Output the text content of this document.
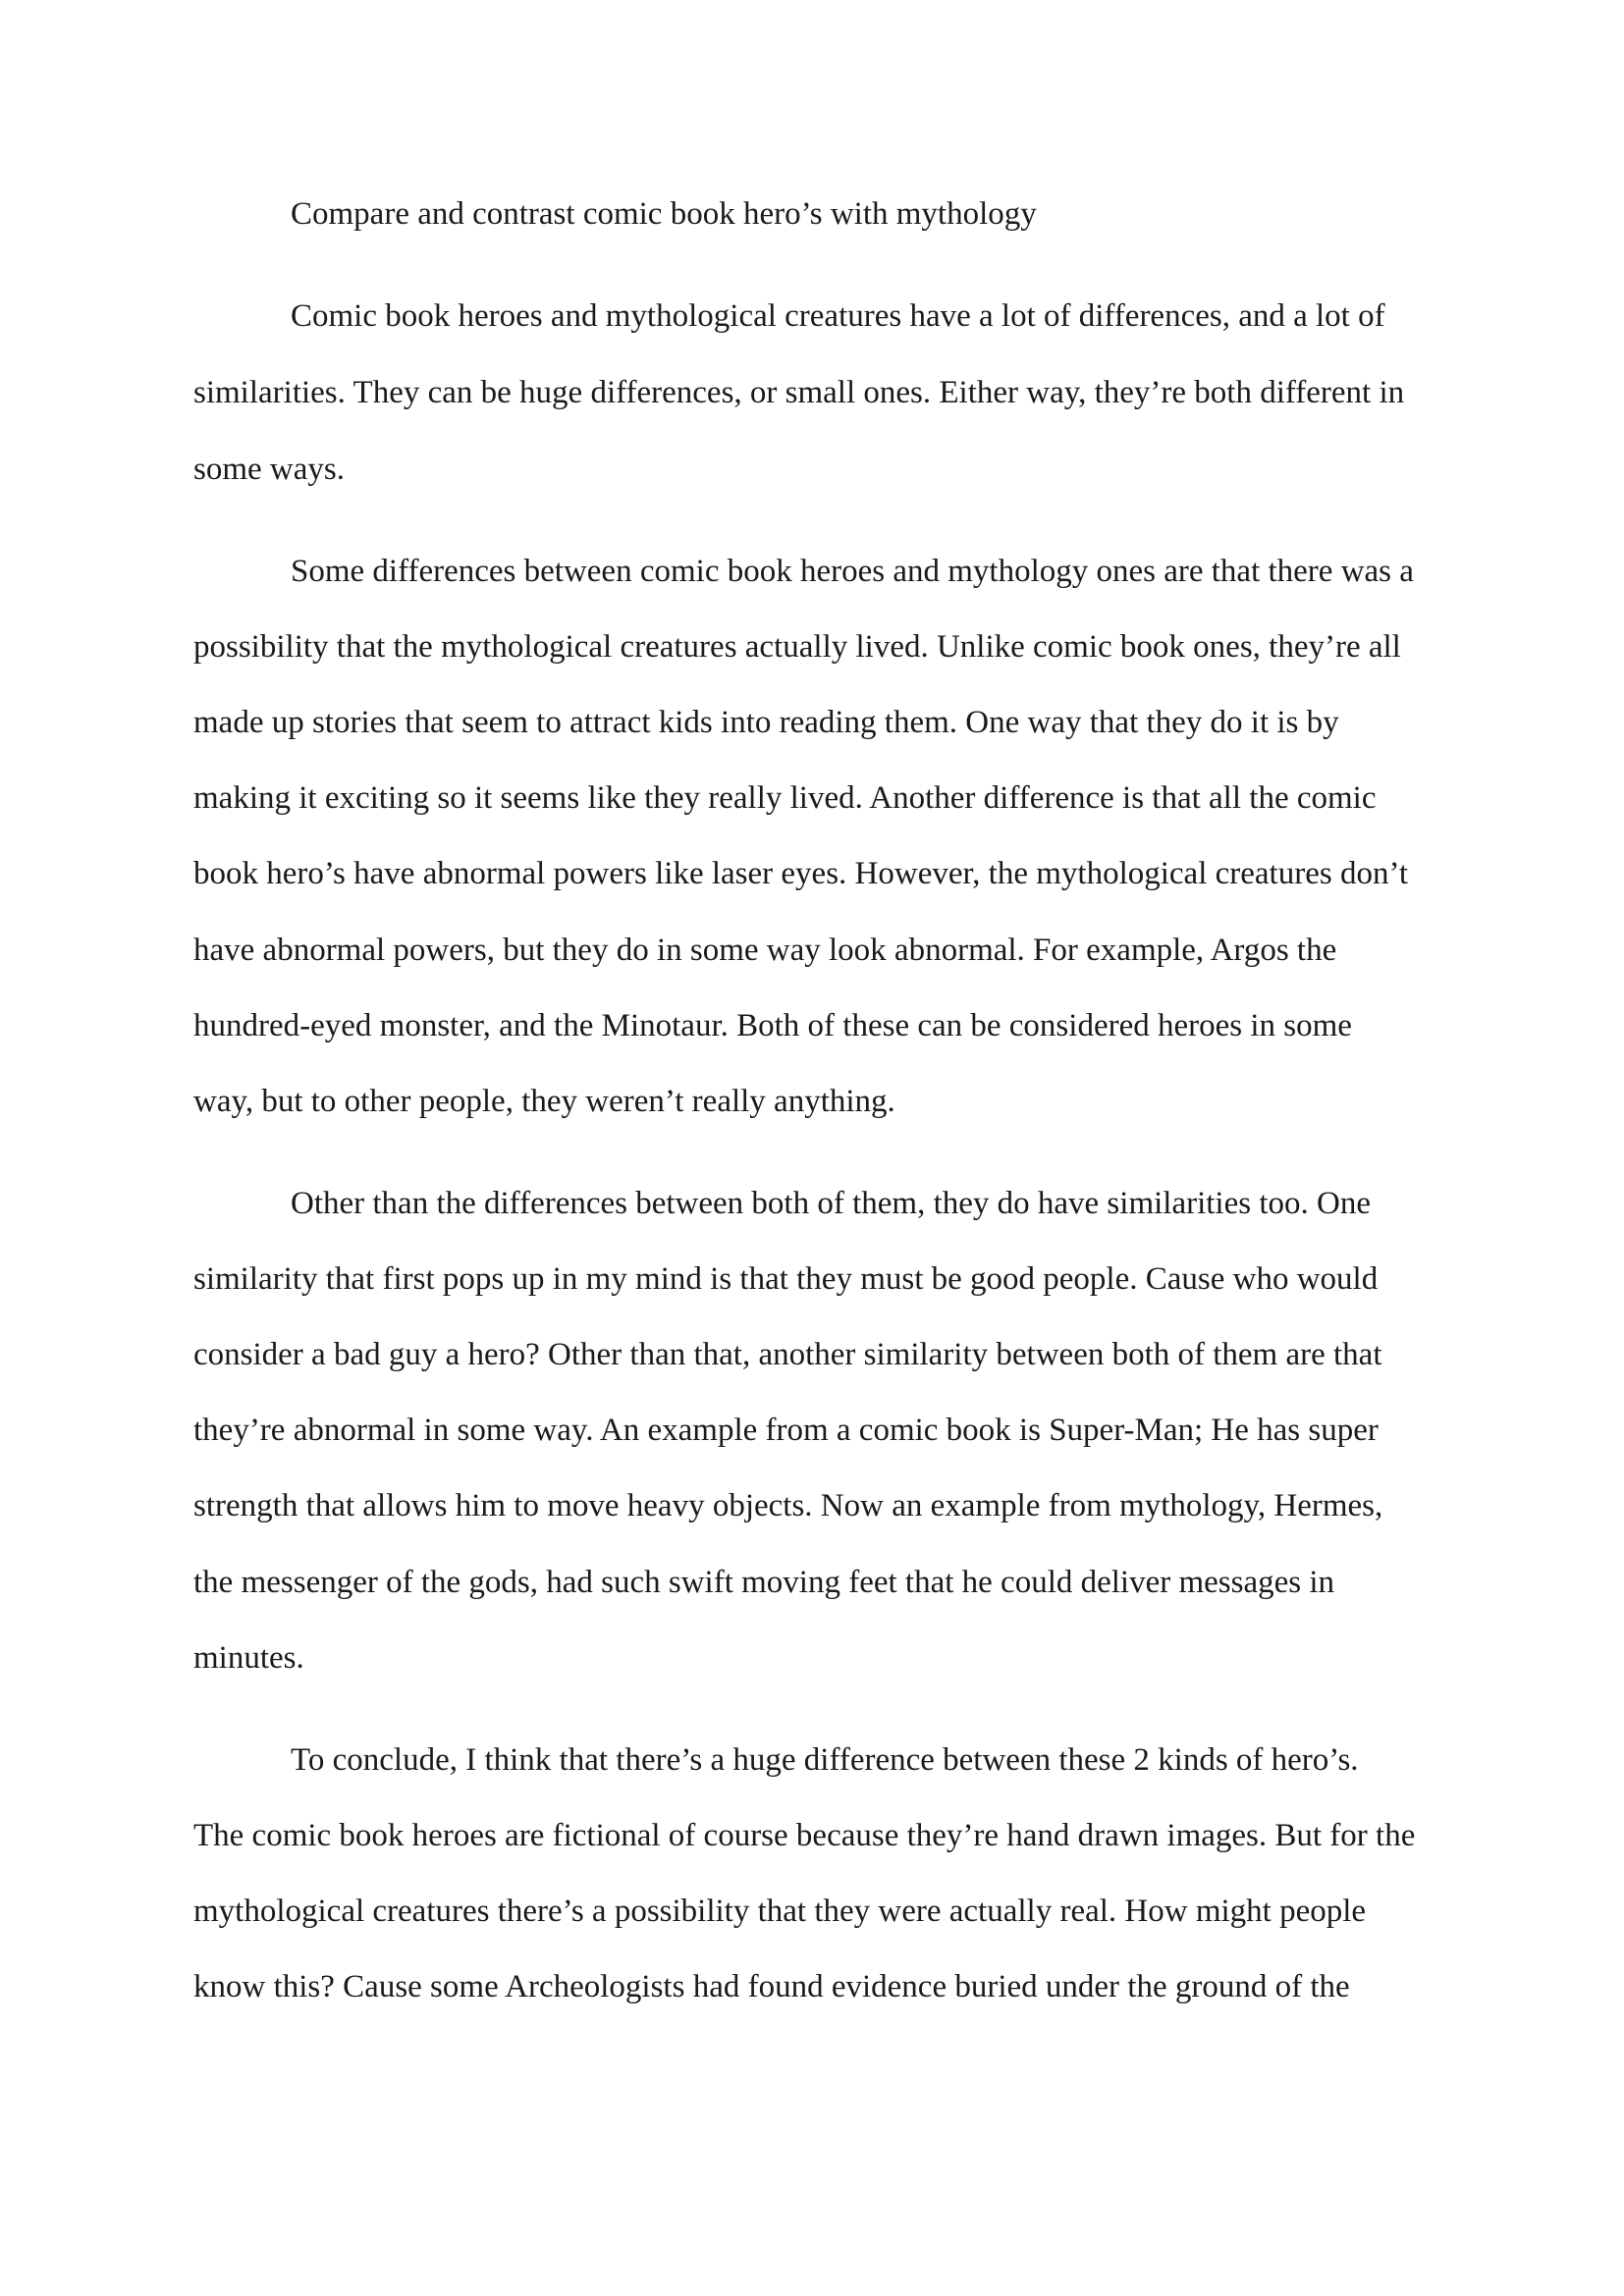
Compare and contrast comic book hero’s with mythology
Comic book heroes and mythological creatures have a lot of differences, and a lot of
similarities. They can be huge differences, or small ones. Either way, they’re both different in
some ways.
Some differences between comic book heroes and mythology ones are that there was a
possibility that the mythological creatures actually lived. Unlike comic book ones, they’re all
made up stories that seem to attract kids into reading them. One way that they do it is by
making it exciting so it seems like they really lived. Another difference is that all the comic
book hero’s have abnormal powers like laser eyes. However, the mythological creatures don’t
have abnormal powers, but they do in some way look abnormal. For example, Argos the
hundred-eyed monster, and the Minotaur. Both of these can be considered heroes in some
way, but to other people, they weren’t really anything.
Other than the differences between both of them, they do have similarities too. One
similarity that first pops up in my mind is that they must be good people. Cause who would
consider a bad guy a hero? Other than that, another similarity between both of them are that
they’re abnormal in some way. An example from a comic book is Super-Man; He has super
strength that allows him to move heavy objects. Now an example from mythology, Hermes,
the messenger of the gods, had such swift moving feet that he could deliver messages in
minutes.
To conclude, I think that there’s a huge difference between these 2 kinds of hero’s.
The comic book heroes are fictional of course because they’re hand drawn images. But for the
mythological creatures there’s a possibility that they were actually real. How might people
know this? Cause some Archeologists had found evidence buried under the ground of the
